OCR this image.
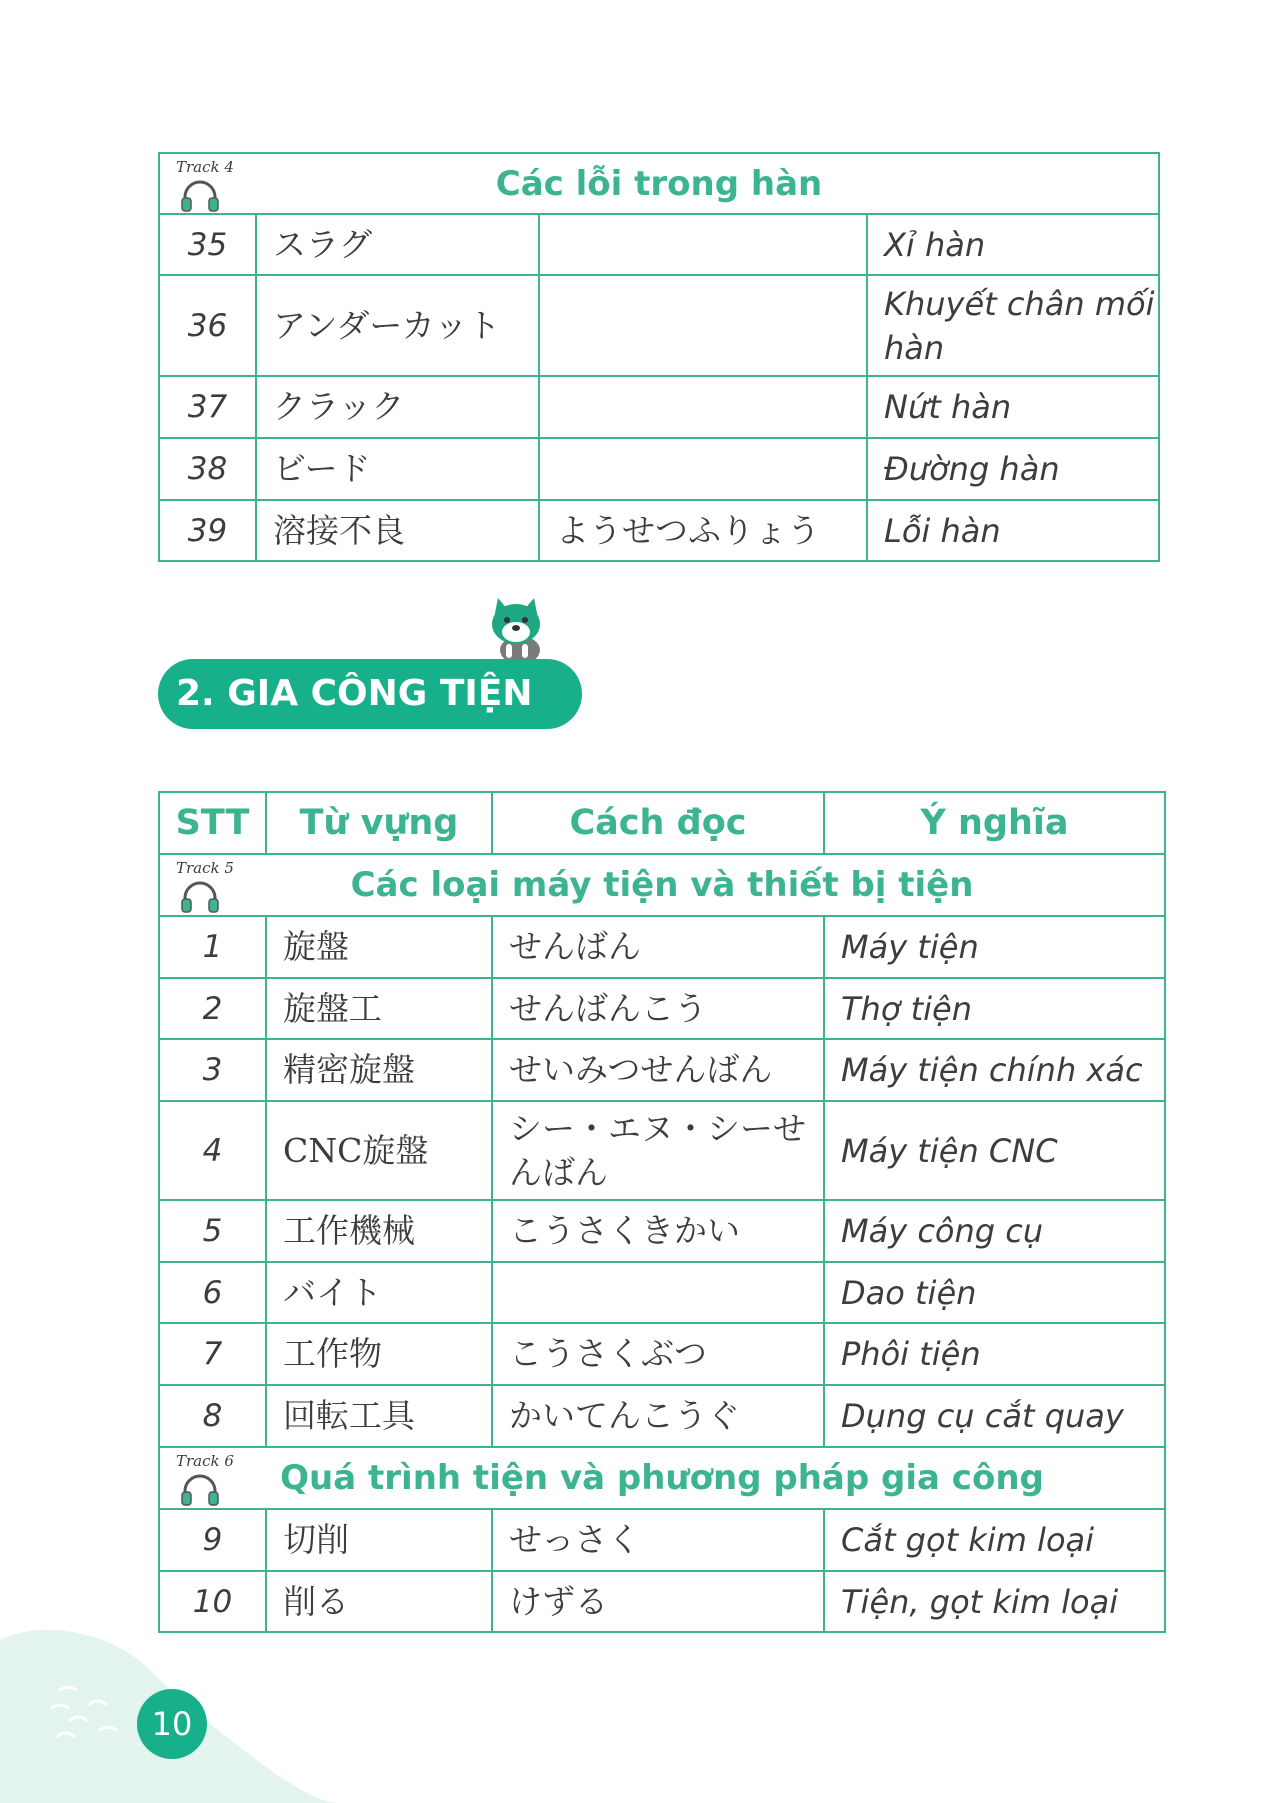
Track 4 Các lỗi trong hàn			

35	スラグ		Xỉ hàn
36	アンダーカット		Khuyết chân mối hàn
37	クラック		Nứt hàn
38	ビード		Đường hàn
39	溶接不良	ようせつふりょう	Lỗi hàn
2. GIA CÔNG TIỆN
STT	Từ vựng	Cách đọc	Ý nghĩa

Track 5 Các loại máy tiện và thiết bị tiện			

1	旋盤	せんばん	Máy tiện
2	旋盤工	せんばんこう	Thợ tiện
3	精密旋盤	せいみつせんばん	Máy tiện chính xác
4	CNC旋盤	シー・エヌ・シーせんばん	Máy tiện CNC
5	工作機械	こうさくきかい	Máy công cụ
6	バイト		Dao tiện
7	工作物	こうさくぶつ	Phôi tiện
8	回転工具	かいてんこうぐ	Dụng cụ cắt quay

Track 6 Quá trình tiện và phương pháp gia công			

9	切削	せっさく	Cắt gọt kim loại
10	削る	けずる	Tiện, gọt kim loại
10
